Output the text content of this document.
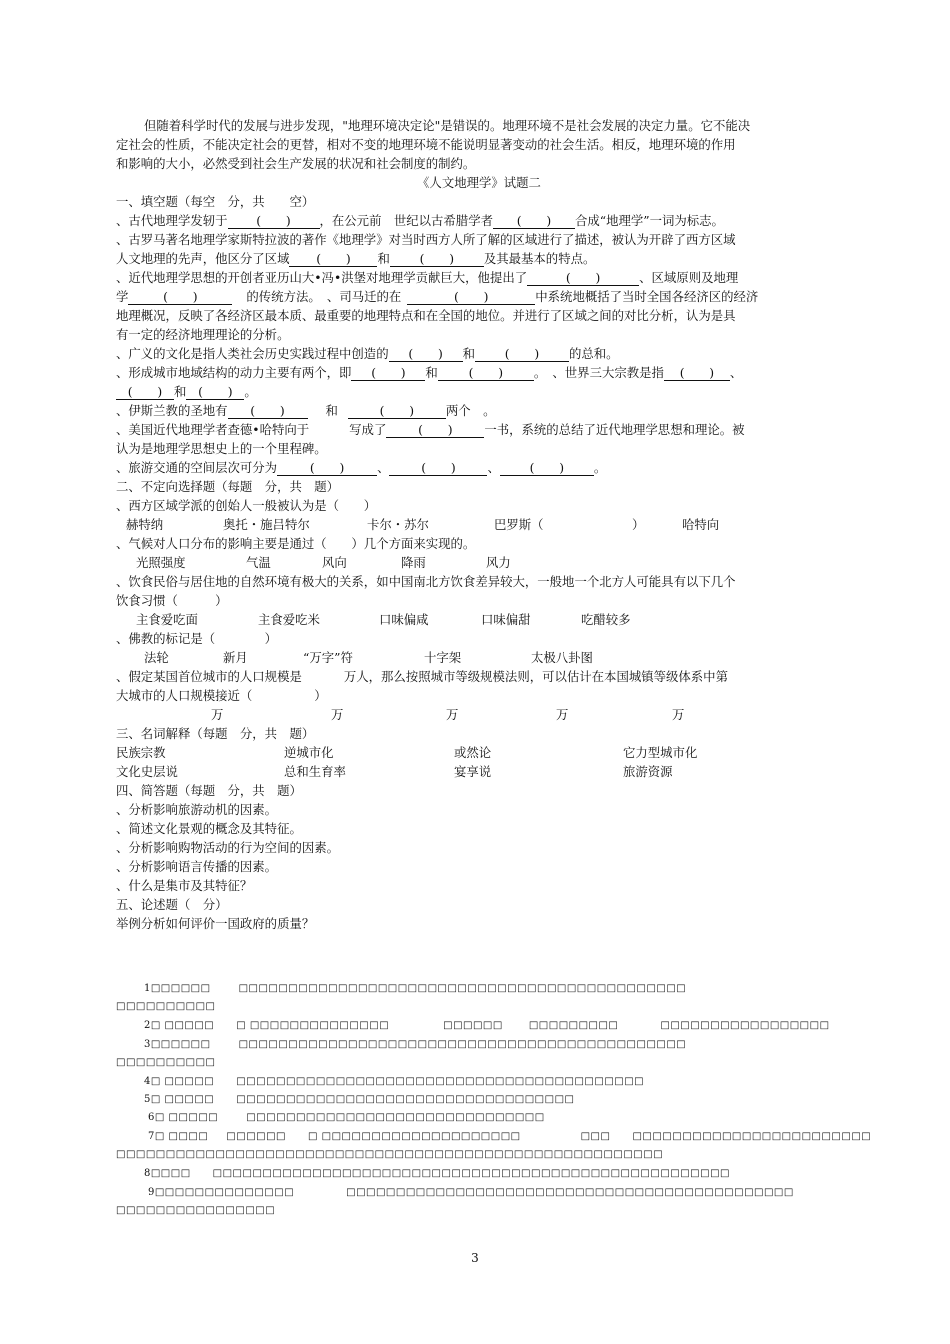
但随着科学时代的发展与进步发现，"地理环境决定论"是错误的。地理环境不是社会发展的决定力量。它不能决
定社会的性质，不能决定社会的更替，相对不变的地理环境不能说明显著变动的社会生活。相反，地理环境的作用
和影响的大小，必然受到社会生产发展的状况和社会制度的制约。
《人文地理学》试题二
一、填空题（每空　分，共　　空）
、古代地理学发轫于 (　　) ，在公元前　世纪以古希腊学者 (　　) 合成“地理学”一词为标志。
、古罗马著名地理学家斯特拉波的著作《地理学》对当时西方人所了解的区域进行了描述，被认为开辟了西方区域
人文地理的先声，他区分了区域 (　　) 和 (　　) 及其最基本的特点。
、近代地理学思想的开创者亚历山大•冯•洪堡对地理学贡献巨大，他提出了	(　　)	、区域原则及地理
学	(　　)	的传统方法。　、司马迁的在	(　　)	中系统地概括了当时全国各经济区的经济
地理概况，反映了各经济区最本质、最重要的地理特点和在全国的地位。并进行了区域之间的对比分析，认为是具
有一定的经济地理理论的分析。
、广义的文化是指人类社会历史实践过程中创造的 (　　) 和 (　　) 的总和。
、形成城市地域结构的动力主要有两个，即 (　　) 和 (　　) 。　、世界三大宗教是指 (　　) 、
(　　) 和 (　　) 。
、伊斯兰教的圣地有 (　　)	和	(　　)	两个　。
、美国近代地理学者查德•哈特向于	写成了	(　　)	一书，系统的总结了近代地理学思想和理论。被
认为是地理学思想史上的一个里程碑。
、旅游交通的空间层次可分为	(　　)	、	(　　)	、 (　　) 。
二、不定向选择题（每题　分，共　题）
、西方区域学派的创始人一般被认为是（　　）
赫特纳	奥托・施吕特尔	卡尔・苏尔	巴罗斯（	）	哈特向
、气候对人口分布的影响主要是通过（　　）几个方面来实现的。
光照强度	气温	风向	降雨	风力
、饮食民俗与居住地的自然环境有极大的关系，如中国南北方饮食差异较大，一般地一个北方人可能具有以下几个
饮食习惯（　　　）
主食爱吃面	主食爱吃米	口味偏咸	口味偏甜	吃醋较多
、佛教的标记是（　　　　）
法轮	新月	“万字”符	十字架	太极八卦图
、假定某国首位城市的人口规模是	万人，那么按照城市等级规模法则，可以估计在本国城镇等级体系中第
大城市的人口规模接近（　　　　　）
万	万	万	万	万
三、名词解释（每题　分，共　题）
民族宗教	逆城市化	或然论	它力型城市化
文化史层说	总和生育率	宴享说	旅游资源
四、简答题（每题　分，共　题）
、分析影响旅游动机的因素。
、简述文化景观的概念及其特征。
、分析影响购物活动的行为空间的因素。
、分析影响语言传播的因素。
、什么是集市及其特征？
五、论述题（　分）
举例分析如何评价一国政府的质量？
1□□□□□□	□□□□□□□□□□□□□□□□□□□□□□□□□□□□□□□□□□□□□□□□□□□□□
□□□□□□□□□□
2□ □□□□□ □ □□□□□□□□□□□□□□	□□□□□□	□□□□□□□□□	□□□□□□□□□□□□□□□□□
3□□□□□□	□□□□□□□□□□□□□□□□□□□□□□□□□□□□□□□□□□□□□□□□□□□□□
□□□□□□□□□□
4□ □□□□□ □□□□□□□□□□□□□□□□□□□□□□□□□□□□□□□□□□□□□□□□□
5□ □□□□□ □□□□□□□□□□□□□□□□□□□□□□□□□□□□□□□□□□
6□ □□□□□	□□□□□□□□□□□□□□□□□□□□□□□□□□□□□□
7□ □□□□ □□□□□□ □ □□□□□□□□□□□□□□□□□□□□	□□□ □□□□□□□□□□□□□□□□□□□□□□□□
□□□□□□□□□□□□□□□□□□□□□□□□□□□□□□□□□□□□□□□□□□□□□□□□□□□□□□□
8□□□□ □□□□□□□□□□□□□□□□□□□□□□□□□□□□□□□□□□□□□□□□□□□□□□□□□□□□
9□□□□□□□□□□□□□□	□□□□□□□□□□□□□□□□□□□□□□□□□□□□□□□□□□□□□□□□□□□□□
□□□□□□□□□□□□□□□□
3
